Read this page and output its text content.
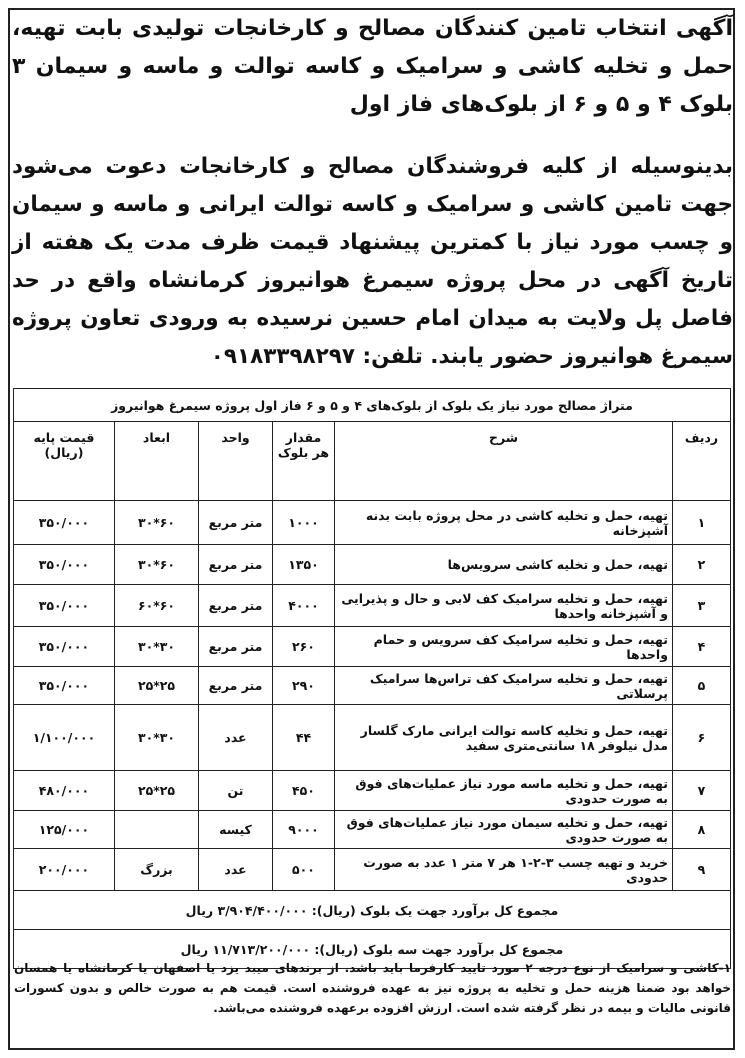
آگهی انتخاب تامین کنندگان مصالح و کارخانجات تولیدی بابت تهیه، حمل و تخلیه کاشی و سرامیک و کاسه توالت و ماسه و سیمان ۳ بلوک ۴ و ۵ و ۶ از بلوک‌های فاز اول
بدینوسیله از کلیه فروشندگان مصالح و کارخانجات دعوت می‌شود جهت تامین کاشی و سرامیک و کاسه توالت ایرانی و ماسه و سیمان و چسب مورد نیاز با کمترین پیشنهاد قیمت ظرف مدت یک هفته از تاریخ آگهی در محل پروژه سیمرغ هوانیروز کرمانشاه واقع در حد فاصل پل ولایت به میدان امام حسین نرسیده به ورودی تعاون پروژه سیمرغ هوانیروز حضور یابند. تلفن: ۰۹۱۸۳۳۹۸۲۹۷
متراژ مصالح مورد نیاز یک بلوک از بلوک‌های ۴ و ۵ و ۶ فاز اول پروژه سیمرغ هوانیروز					
ردیف	شرح	مقدار هر بلوک	واحد	ابعاد	قیمت پایه (ریال)
۱	تهیه، حمل و تخلیه کاشی در محل پروژه بابت بدنه آشپزخانه	۱۰۰۰	متر مربع	۶۰*۳۰	۳۵۰/۰۰۰
۲	تهیه، حمل و تخلیه کاشی سرویس‌ها	۱۳۵۰	متر مربع	۶۰*۳۰	۳۵۰/۰۰۰
۳	تهیه، حمل و تخلیه سرامیک کف لابی و حال و پذیرایی و آشپزخانه واحدها	۴۰۰۰	متر مربع	۶۰*۶۰	۳۵۰/۰۰۰
۴	تهیه، حمل و تخلیه سرامیک کف سرویس و حمام واحدها	۲۶۰	متر مربع	۳۰*۳۰	۳۵۰/۰۰۰
۵	تهیه، حمل و تخلیه سرامیک کف تراس‌ها سرامیک پرسلاتی	۲۹۰	متر مربع	۲۵*۲۵	۳۵۰/۰۰۰
۶	تهیه، حمل و تخلیه کاسه توالت ایرانی مارک گلسار مدل نیلوفر ۱۸ سانتی‌متری سفید	۴۴	عدد	۳۰*۳۰	۱/۱۰۰/۰۰۰
۷	تهیه، حمل و تخلیه ماسه مورد نیاز عملیات‌های فوق به صورت حدودی	۴۵۰	تن	۲۵*۲۵	۴۸۰/۰۰۰
۸	تهیه، حمل و تخلیه سیمان مورد نیاز عملیات‌های فوق به صورت حدودی	۹۰۰۰	کیسه		۱۲۵/۰۰۰
۹	خرید و تهیه چسب ۳-۲-۱ هر ۷ متر ۱ عدد به صورت حدودی	۵۰۰	عدد	بزرگ	۲۰۰/۰۰۰
مجموع کل برآورد جهت یک بلوک (ریال): ۳/۹۰۴/۴۰۰/۰۰۰ ریال					
مجموع کل برآورد جهت سه بلوک (ریال): ۱۱/۷۱۳/۲۰۰/۰۰۰ ریال					
۱-کاشی و سرامیک از نوع درجه ۲ مورد تایید کارفرما باید باشد. از برندهای میبد یزد یا اصفهان یا کرمانشاه یا همسان خواهد بود ضمنا هزینه حمل و تخلیه به پروژه نیز به عهده فروشنده است. قیمت هم به صورت خالص و بدون کسورات قانونی مالیات و بیمه در نظر گرفته شده است. ارزش افزوده برعهده فروشنده می‌باشد.
